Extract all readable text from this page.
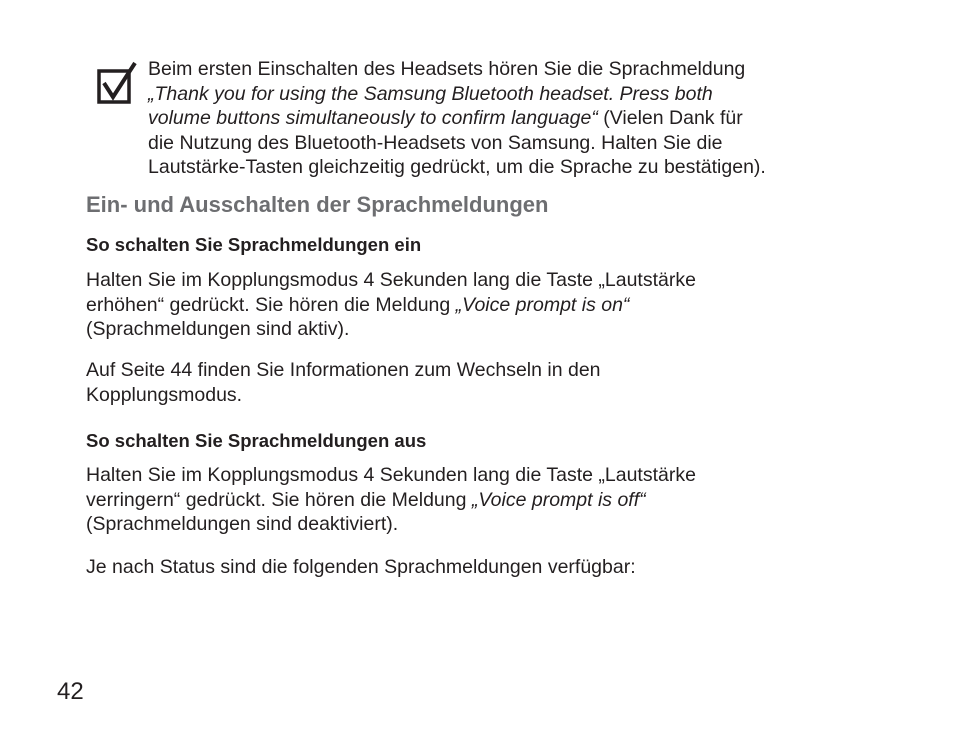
Beim ersten Einschalten des Headsets hören Sie die Sprachmeldung
„Thank you for using the Samsung Bluetooth headset. Press both
volume buttons simultaneously to confirm language“ (Vielen Dank für
die Nutzung des Bluetooth-Headsets von Samsung. Halten Sie die
Lautstärke-Tasten gleichzeitig gedrückt, um die Sprache zu bestätigen).
Ein- und Ausschalten der Sprachmeldungen
So schalten Sie Sprachmeldungen ein
Halten Sie im Kopplungsmodus 4 Sekunden lang die Taste „Lautstärke
erhöhen“ gedrückt. Sie hören die Meldung „Voice prompt is on“
(Sprachmeldungen sind aktiv).
Auf Seite 44 finden Sie Informationen zum Wechseln in den
Kopplungsmodus.
So schalten Sie Sprachmeldungen aus
Halten Sie im Kopplungsmodus 4 Sekunden lang die Taste „Lautstärke
verringern“ gedrückt. Sie hören die Meldung „Voice prompt is off“
(Sprachmeldungen sind deaktiviert).
Je nach Status sind die folgenden Sprachmeldungen verfügbar:
42
